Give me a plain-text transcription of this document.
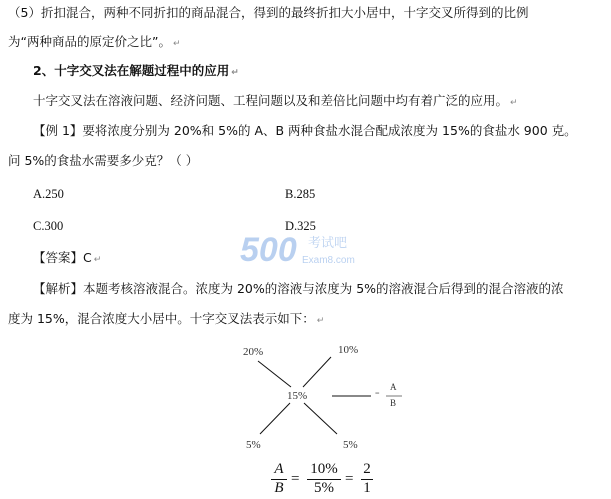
（5）折扣混合，两种不同折扣的商品混合，得到的最终折扣大小居中，十字交叉所得到的比例
为“两种商品的原定价之比”。 ↵
2、十字交叉法在解题过程中的应用 ↵
十字交叉法在溶液问题、经济问题、工程问题以及和差倍比问题中均有着广泛的应用。 ↵
【例 1】要将浓度分别为 20%和 5%的 A、B 两种食盐水混合配成浓度为 15%的食盐水 900 克。
问 5%的食盐水需要多少克？（ ）
A.250	B.285
C.300	D.325
500 考试吧
Exam8.com
【答案】C ↵
【解析】本题考核溶液混合。浓度为 20%的溶液与浓度为 5%的溶液混合后得到的混合溶液的浓
度为 15%，混合浓度大小居中。十字交叉法表示如下： ↵
20%	10%
15%
5%	5%
=
A
B
A
B
=
10%
5%
=
2
1
